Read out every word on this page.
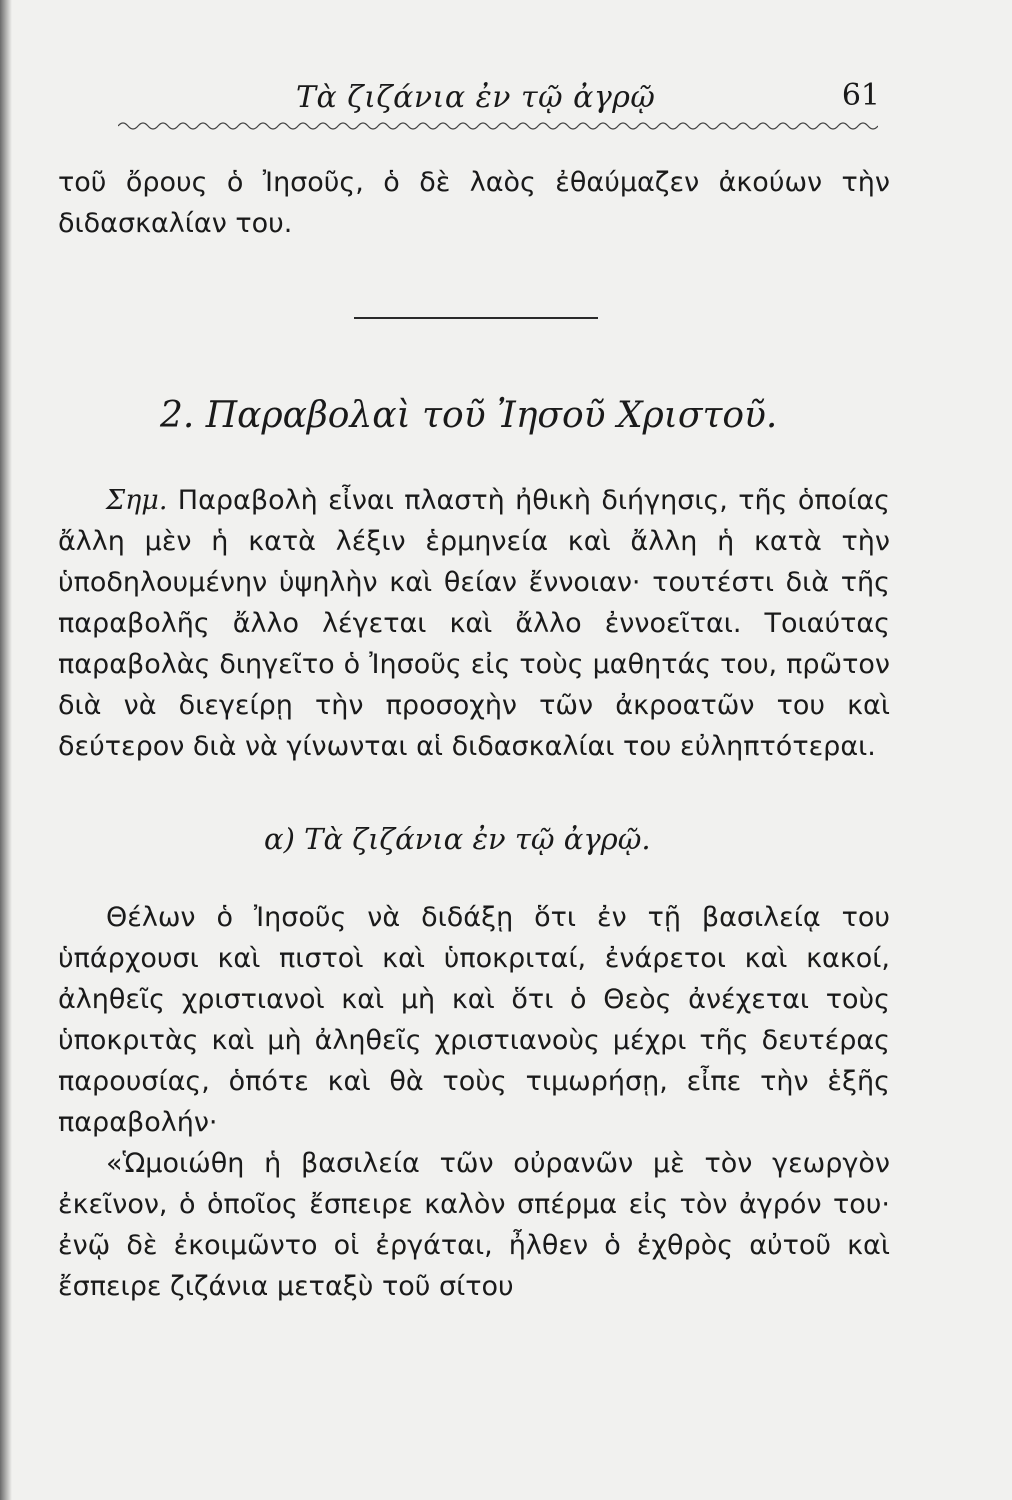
Τὰ ζιζάνια ἐν τῷ ἀγρῷ	61

τοῦ ὄρους ὁ Ἰησοῦς, ὁ δὲ λαὸς ἐθαύμαζεν ἀκούων τὴν διδασκαλίαν του.

2. Παραβολαὶ τοῦ Ἰησοῦ Χριστοῦ.

Σημ. Παραβολὴ εἶναι πλαστὴ ἠθικὴ διήγησις, τῆς ὁποίας ἄλλη μὲν ἡ κατὰ λέξιν ἑρμηνεία καὶ ἄλλη ἡ κατὰ τὴν ὑποδηλουμένην ὑψηλὴν καὶ θείαν ἔννοιαν· τουτέστι διὰ τῆς παραβολῆς ἄλλο λέγεται καὶ ἄλλο ἐννοεῖται. Τοιαύτας παραβολὰς διηγεῖτο ὁ Ἰησοῦς εἰς τοὺς μαθητάς του, πρῶτον διὰ νὰ διεγείρῃ τὴν προσοχὴν τῶν ἀκροατῶν του καὶ δεύτερον διὰ νὰ γίνωνται αἱ διδασκαλίαι του εὐληπτότεραι.

α) Τὰ ζιζάνια ἐν τῷ ἀγρῷ.

Θέλων ὁ Ἰησοῦς νὰ διδάξῃ ὅτι ἐν τῇ βασιλείᾳ του ὑπάρχουσι καὶ πιστοὶ καὶ ὑποκριταί, ἐνάρετοι καὶ κακοί, ἀληθεῖς χριστιανοὶ καὶ μὴ καὶ ὅτι ὁ Θεὸς ἀνέχεται τοὺς ὑποκριτὰς καὶ μὴ ἀληθεῖς χριστιανοὺς μέχρι τῆς δευτέρας παρουσίας, ὁπότε καὶ θὰ τοὺς τιμωρήσῃ, εἶπε τὴν ἑξῆς παραβολήν·

«Ὡμοιώθη ἡ βασιλεία τῶν οὐρανῶν μὲ τὸν γεωργὸν ἐκεῖνον, ὁ ὁποῖος ἔσπειρε καλὸν σπέρμα εἰς τὸν ἀγρόν του· ἐνῷ δὲ ἐκοιμῶντο οἱ ἐργάται, ἦλθεν ὁ ἐχθρὸς αὐτοῦ καὶ ἔσπειρε ζιζάνια μεταξὺ τοῦ σίτου
